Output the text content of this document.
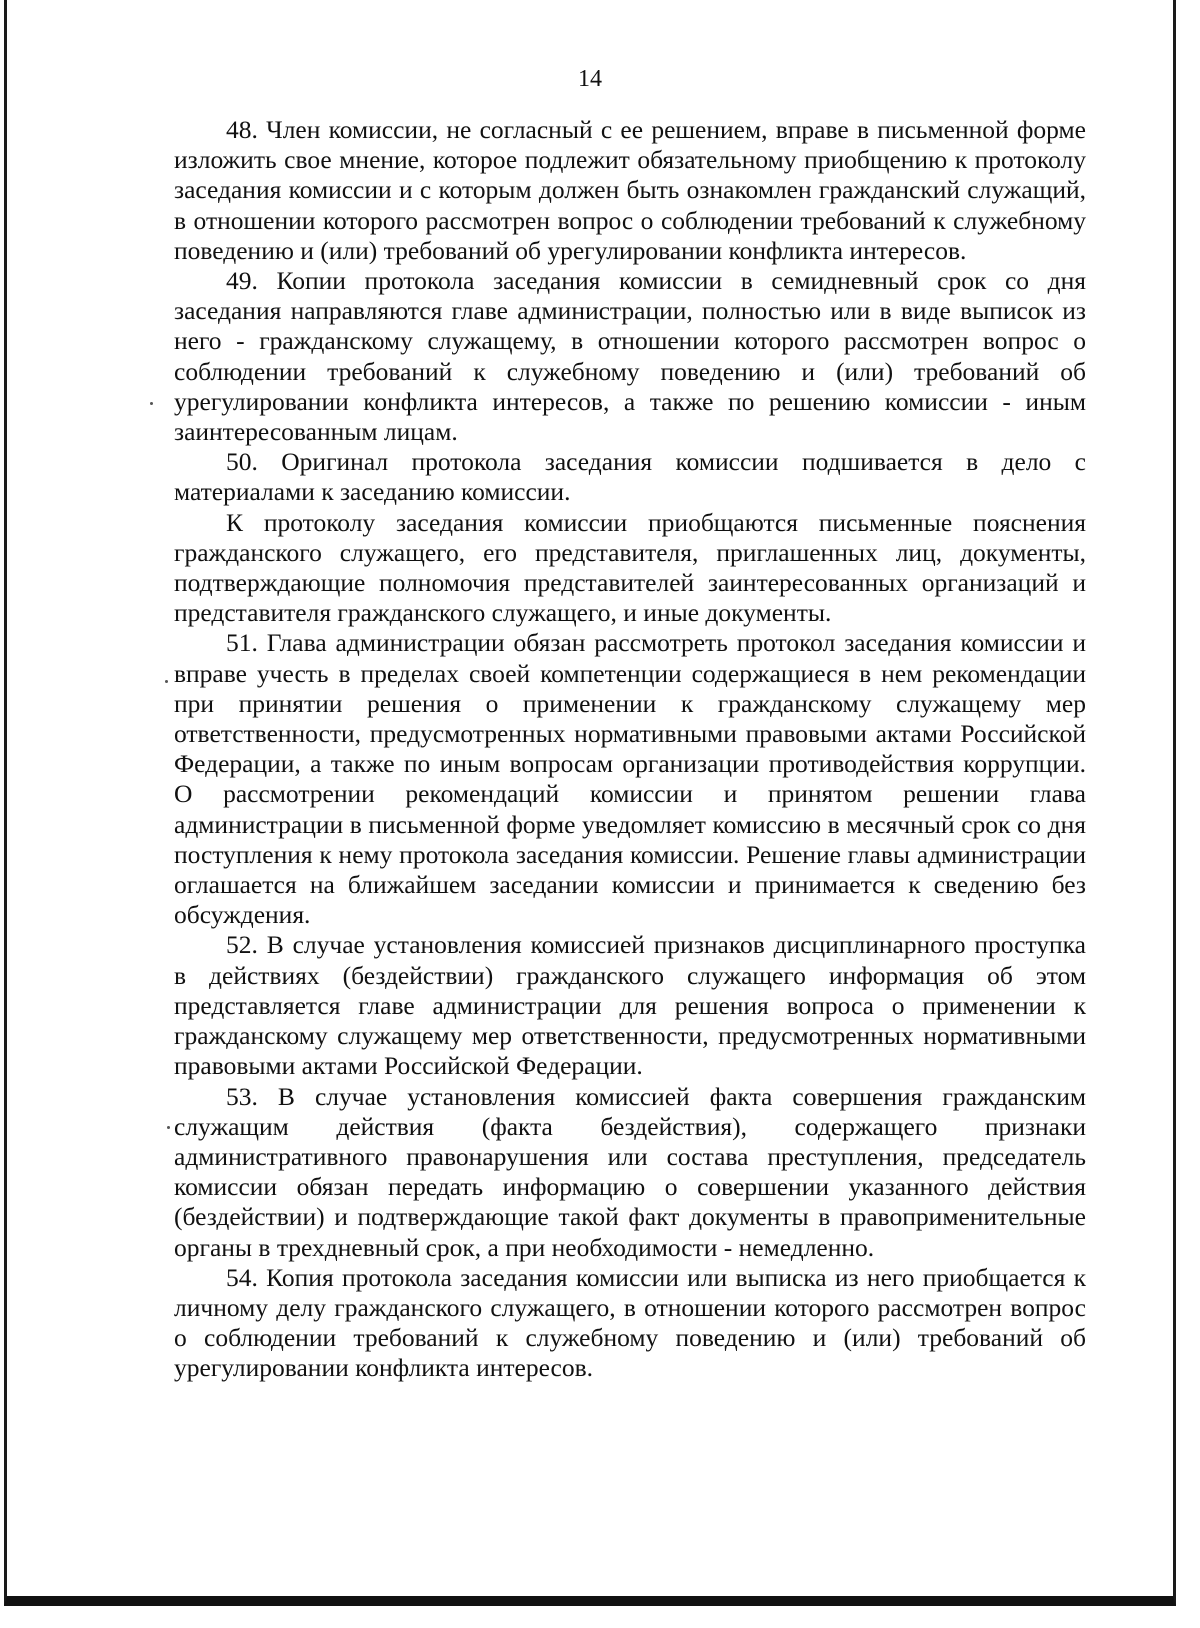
14

48. Член комиссии, не согласный с ее решением, вправе в письменной форме изложить свое мнение, которое подлежит обязательному приобщению к протоколу заседания комиссии и с которым должен быть ознакомлен гражданский служащий, в отношении которого рассмотрен вопрос о соблюдении требований к служебному поведению и (или) требований об урегулировании конфликта интересов.

49. Копии протокола заседания комиссии в семидневный срок со дня заседания направляются главе администрации, полностью или в виде выписок из него - гражданскому служащему, в отношении которого рассмотрен вопрос о соблюдении требований к служебному поведению и (или) требований об урегулировании конфликта интересов, а также по решению комиссии - иным заинтересованным лицам.

50. Оригинал протокола заседания комиссии подшивается в дело с материалами к заседанию комиссии.

К протоколу заседания комиссии приобщаются письменные пояснения гражданского служащего, его представителя, приглашенных лиц, документы, подтверждающие полномочия представителей заинтересованных организаций и представителя гражданского служащего, и иные документы.

51. Глава администрации обязан рассмотреть протокол заседания комиссии и вправе учесть в пределах своей компетенции содержащиеся в нем рекомендации при принятии решения о применении к гражданскому служащему мер ответственности, предусмотренных нормативными правовыми актами Российской Федерации, а также по иным вопросам организации противодействия коррупции. О рассмотрении рекомендаций комиссии и принятом решении глава администрации в письменной форме уведомляет комиссию в месячный срок со дня поступления к нему протокола заседания комиссии. Решение главы администрации оглашается на ближайшем заседании комиссии и принимается к сведению без обсуждения.

52. В случае установления комиссией признаков дисциплинарного проступка в действиях (бездействии) гражданского служащего информация об этом представляется главе администрации для решения вопроса о применении к гражданскому служащему мер ответственности, предусмотренных нормативными правовыми актами Российской Федерации.

53. В случае установления комиссией факта совершения гражданским служащим действия (факта бездействия), содержащего признаки административного правонарушения или состава преступления, председатель комиссии обязан передать информацию о совершении указанного действия (бездействии) и подтверждающие такой факт документы в правоприменительные органы в трехдневный срок, а при необходимости - немедленно.

54. Копия протокола заседания комиссии или выписка из него приобщается к личному делу гражданского служащего, в отношении которого рассмотрен вопрос о соблюдении требований к служебному поведению и (или) требований об урегулировании конфликта интересов.
